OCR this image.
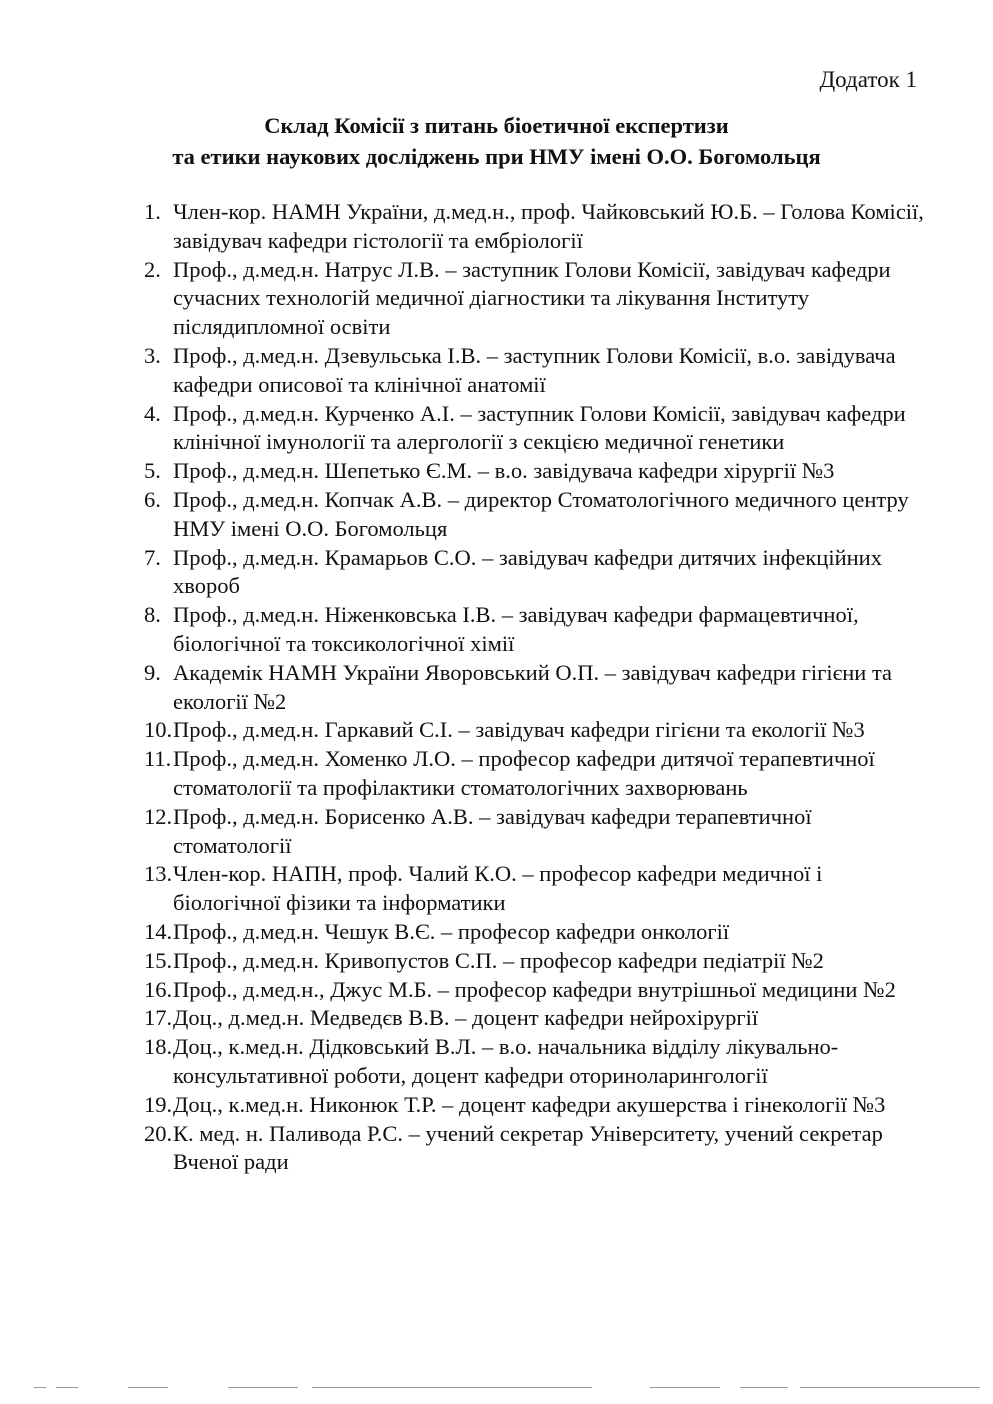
Додаток 1
Склад Комісії з питань біоетичної експертизи
та етики наукових досліджень при НМУ імені О.О. Богомольця
1. Член-кор. НАМН України, д.мед.н., проф. Чайковський Ю.Б. – Голова Комісії, завідувач кафедри гістології та ембріології
2. Проф., д.мед.н. Натрус Л.В. – заступник Голови Комісії, завідувач кафедри сучасних технологій медичної діагностики та лікування Інституту післядипломної освіти
3. Проф., д.мед.н. Дзевульська І.В. – заступник Голови Комісії, в.о. завідувача кафедри описової та клінічної анатомії
4. Проф., д.мед.н. Курченко А.І. – заступник Голови Комісії, завідувач кафедри клінічної імунології та алергології з секцією медичної генетики
5. Проф., д.мед.н. Шепетько Є.М. – в.о. завідувача кафедри хірургії №3
6. Проф., д.мед.н. Копчак А.В. – директор Стоматологічного медичного центру НМУ імені О.О. Богомольця
7. Проф., д.мед.н. Крамарьов С.О. – завідувач кафедри дитячих інфекційних хвороб
8. Проф., д.мед.н. Ніженковська І.В. – завідувач кафедри фармацевтичної, біологічної та токсикологічної хімії
9. Академік НАМН України Яворовський О.П. – завідувач кафедри гігієни та екології №2
10. Проф., д.мед.н. Гаркавий С.І. – завідувач кафедри гігієни та екології №3
11. Проф., д.мед.н. Хоменко Л.О. – професор кафедри дитячої терапевтичної стоматології та профілактики стоматологічних захворювань
12. Проф., д.мед.н. Борисенко А.В. – завідувач кафедри терапевтичної стоматології
13. Член-кор. НАПН, проф. Чалий К.О. – професор кафедри медичної і біологічної фізики та інформатики
14. Проф., д.мед.н. Чешук В.Є. – професор кафедри онкології
15. Проф., д.мед.н. Кривопустов С.П. – професор кафедри педіатрії №2
16. Проф., д.мед.н., Джус М.Б. – професор кафедри внутрішньої медицини №2
17. Доц., д.мед.н. Медведєв В.В. – доцент кафедри нейрохірургії
18. Доц., к.мед.н. Дідковський В.Л. – в.о. начальника відділу лікувально-консультативної роботи, доцент кафедри оториноларингології
19. Доц., к.мед.н. Никонюк Т.Р. – доцент кафедри акушерства і гінекології №3
20. К. мед. н. Паливода Р.С. – учений секретар Університету, учений секретар Вченої ради
